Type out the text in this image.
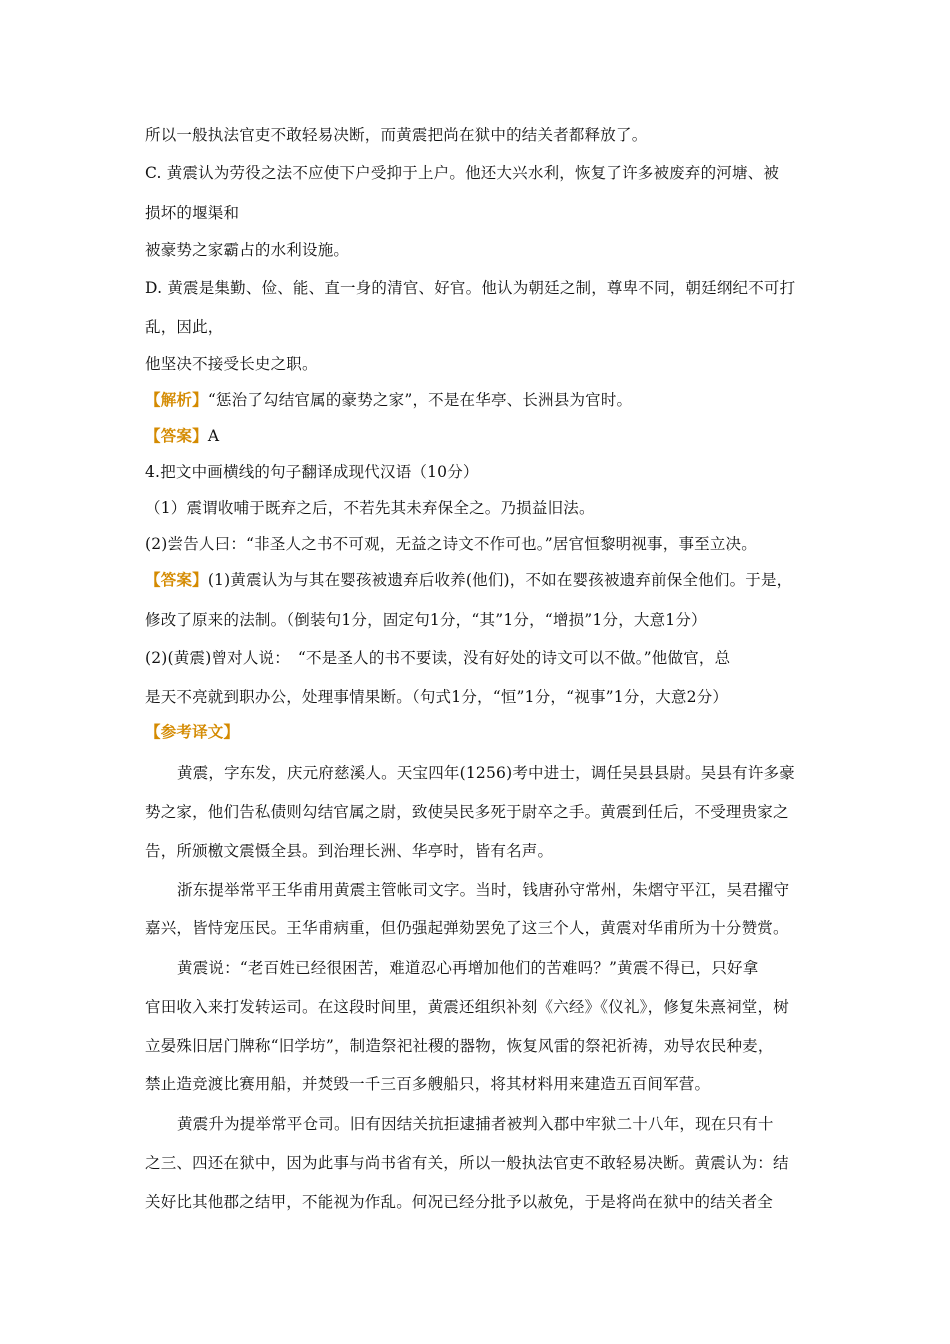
所以一般执法官吏不敢轻易决断，而黄震把尚在狱中的结关者都释放了。
C. 黄震认为劳役之法不应使下户受抑于上户。他还大兴水利，恢复了许多被废弃的河塘、被
损坏的堰渠和
被豪势之家霸占的水利设施。
D. 黄震是集勤、俭、能、直一身的清官、好官。他认为朝廷之制，尊卑不同，朝廷纲纪不可打
乱，因此，
他坚决不接受长史之职。
【解析】“惩治了勾结官属的豪势之家”，不是在华亭、长洲县为官时。
【答案】A
4.把文中画横线的句子翻译成现代汉语（10分）
（1）震谓收哺于既弃之后，不若先其未弃保全之。乃损益旧法。
(2)尝告人曰：“非圣人之书不可观，无益之诗文不作可也。”居官恒黎明视事，事至立决。
【答案】(1)黄震认为与其在婴孩被遗弃后收养(他们)，不如在婴孩被遗弃前保全他们。于是，
修改了原来的法制。（倒装句1分，固定句1分，“其”1分，“增损”1分，大意1分）
(2)(黄震)曾对人说：　“不是圣人的书不要读，没有好处的诗文可以不做。”他做官，总
是天不亮就到职办公，处理事情果断。（句式1分，“恒”1分，“视事”1分，大意2分）
【参考译文】
黄震，字东发，庆元府慈溪人。天宝四年(1256)考中进士，调任吴县县尉。吴县有许多豪
势之家，他们告私债则勾结官属之尉，致使吴民多死于尉卒之手。黄震到任后，不受理贵家之
告，所颁檄文震慑全县。到治理长洲、华亭时，皆有名声。
浙东提举常平王华甫用黄震主管帐司文字。当时，钱唐孙守常州，朱熠守平江，吴君擢守
嘉兴，皆恃宠压民。王华甫病重，但仍强起弹劾罢免了这三个人，黄震对华甫所为十分赞赏。
黄震说：“老百姓已经很困苦，难道忍心再增加他们的苦难吗？”黄震不得已，只好拿
官田收入来打发转运司。在这段时间里，黄震还组织补刻《六经》《仪礼》，修复朱熹祠堂，树
立晏殊旧居门牌称“旧学坊”，制造祭祀社稷的器物，恢复风雷的祭祀祈祷，劝导农民种麦，
禁止造竞渡比赛用船，并焚毁一千三百多艘船只，将其材料用来建造五百间军营。
黄震升为提举常平仓司。旧有因结关抗拒逮捕者被判入郡中牢狱二十八年，现在只有十
之三、四还在狱中，因为此事与尚书省有关，所以一般执法官吏不敢轻易决断。黄震认为：结
关好比其他郡之结甲，不能视为作乱。何况已经分批予以赦免，于是将尚在狱中的结关者全
